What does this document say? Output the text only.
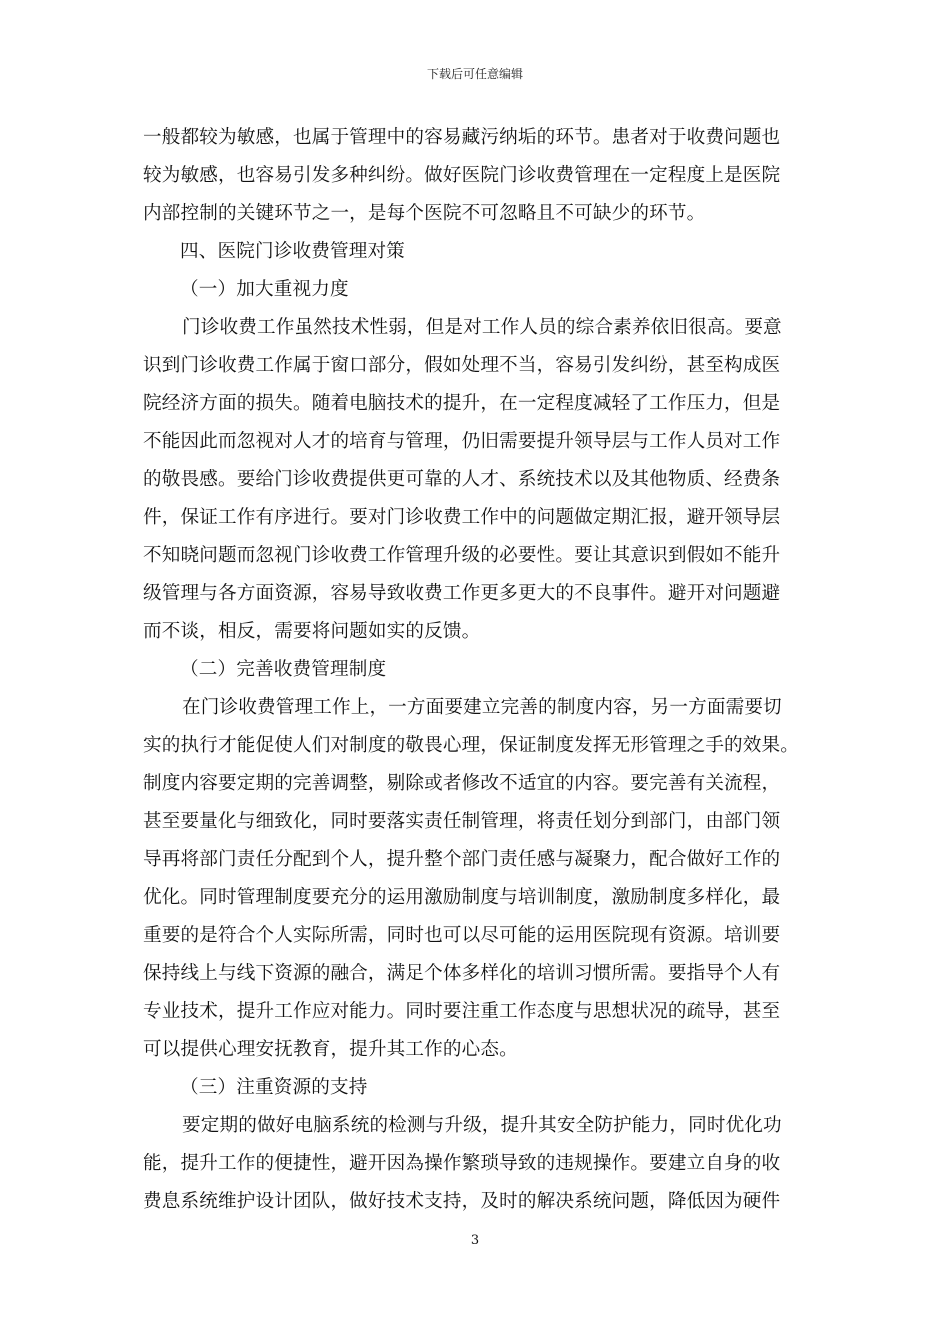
下载后可任意编辑
一般都较为敏感，也属于管理中的容易藏污纳垢的环节。患者对于收费问题也
较为敏感，也容易引发多种纠纷。做好医院门诊收费管理在一定程度上是医院
内部控制的关键环节之一，是每个医院不可忽略且不可缺少的环节。
四、医院门诊收费管理对策
（一）加大重视力度
门诊收费工作虽然技术性弱，但是对工作人员的综合素养依旧很高。要意
识到门诊收费工作属于窗口部分，假如处理不当，容易引发纠纷，甚至构成医
院经济方面的损失。随着电脑技术的提升，在一定程度减轻了工作压力，但是
不能因此而忽视对人才的培育与管理，仍旧需要提升领导层与工作人员对工作
的敬畏感。要给门诊收费提供更可靠的人才、系统技术以及其他物质、经费条
件，保证工作有序进行。要对门诊收费工作中的问题做定期汇报，避开领导层
不知晓问题而忽视门诊收费工作管理升级的必要性。要让其意识到假如不能升
级管理与各方面资源，容易导致收费工作更多更大的不良事件。避开对问题避
而不谈，相反，需要将问题如实的反馈。
（二）完善收费管理制度
在门诊收费管理工作上，一方面要建立完善的制度内容，另一方面需要切
实的执行才能促使人们对制度的敬畏心理，保证制度发挥无形管理之手的效果。
制度内容要定期的完善调整，剔除或者修改不适宜的内容。要完善有关流程，
甚至要量化与细致化，同时要落实责任制管理，将责任划分到部门，由部门领
导再将部门责任分配到个人，提升整个部门责任感与凝聚力，配合做好工作的
优化。同时管理制度要充分的运用激励制度与培训制度，激励制度多样化，最
重要的是符合个人实际所需，同时也可以尽可能的运用医院现有资源。培训要
保持线上与线下资源的融合，满足个体多样化的培训习惯所需。要指导个人有
专业技术，提升工作应对能力。同时要注重工作态度与思想状况的疏导，甚至
可以提供心理安抚教育，提升其工作的心态。
（三）注重资源的支持
要定期的做好电脑系统的检测与升级，提升其安全防护能力，同时优化功
能，提升工作的便捷性，避开因為操作繁琐导致的违规操作。要建立自身的收
费息系统维护设计团队，做好技术支持，及时的解决系统问题，降低因为硬件
3
